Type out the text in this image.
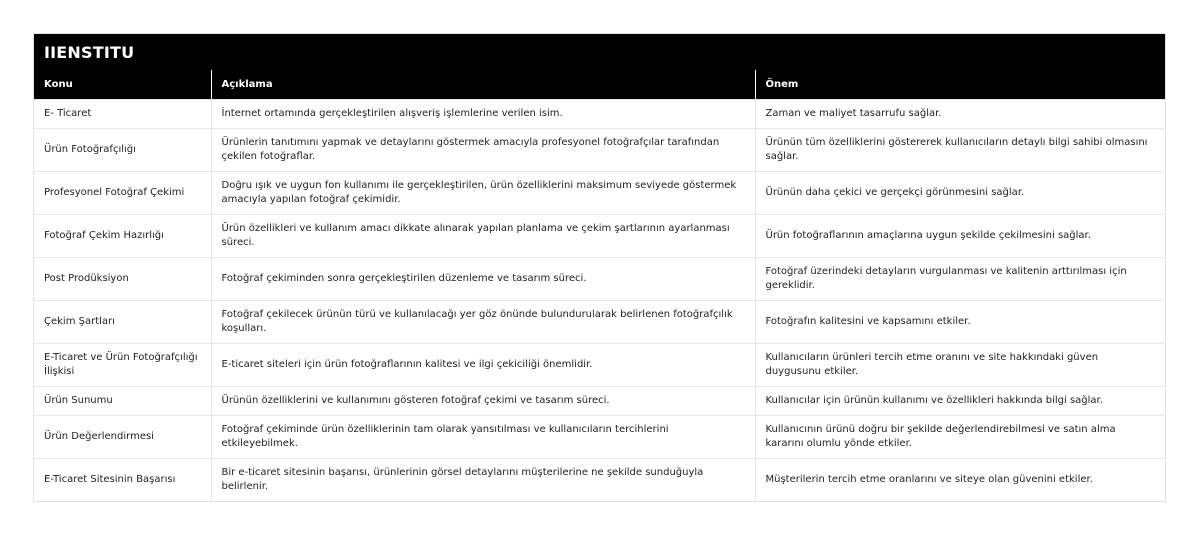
IIENSTITU
Konu	Açıklama	Önem
E- Ticaret	İnternet ortamında gerçekleştirilen alışveriş işlemlerine verilen isim.	Zaman ve maliyet tasarrufu sağlar.
Ürün Fotoğrafçılığı	Ürünlerin tanıtımını yapmak ve detaylarını göstermek amacıyla profesyonel fotoğrafçılar tarafından çekilen fotoğraflar.	Ürünün tüm özelliklerini göstererek kullanıcıların detaylı bilgi sahibi olmasını sağlar.
Profesyonel Fotoğraf Çekimi	Doğru ışık ve uygun fon kullanımı ile gerçekleştirilen, ürün özelliklerini maksimum seviyede göstermek amacıyla yapılan fotoğraf çekimidir.	Ürünün daha çekici ve gerçekçi görünmesini sağlar.
Fotoğraf Çekim Hazırlığı	Ürün özellikleri ve kullanım amacı dikkate alınarak yapılan planlama ve çekim şartlarının ayarlanması süreci.	Ürün fotoğraflarının amaçlarına uygun şekilde çekilmesini sağlar.
Post Prodüksiyon	Fotoğraf çekiminden sonra gerçekleştirilen düzenleme ve tasarım süreci.	Fotoğraf üzerindeki detayların vurgulanması ve kalitenin arttırılması için gereklidir.
Çekim Şartları	Fotoğraf çekilecek ürünün türü ve kullanılacağı yer göz önünde bulundurularak belirlenen fotoğrafçılık koşulları.	Fotoğrafın kalitesini ve kapsamını etkiler.
E-Ticaret ve Ürün Fotoğrafçılığı İlişkisi	E-ticaret siteleri için ürün fotoğraflarının kalitesi ve ilgi çekiciliği önemlidir.	Kullanıcıların ürünleri tercih etme oranını ve site hakkındaki güven duygusunu etkiler.
Ürün Sunumu	Ürünün özelliklerini ve kullanımını gösteren fotoğraf çekimi ve tasarım süreci.	Kullanıcılar için ürünün kullanımı ve özellikleri hakkında bilgi sağlar.
Ürün Değerlendirmesi	Fotoğraf çekiminde ürün özelliklerinin tam olarak yansıtılması ve kullanıcıların tercihlerini etkileyebilmek.	Kullanıcının ürünü doğru bir şekilde değerlendirebilmesi ve satın alma kararını olumlu yönde etkiler.
E-Ticaret Sitesinin Başarısı	Bir e-ticaret sitesinin başarısı, ürünlerinin görsel detaylarını müşterilerine ne şekilde sunduğuyla belirlenir.	Müşterilerin tercih etme oranlarını ve siteye olan güvenini etkiler.
